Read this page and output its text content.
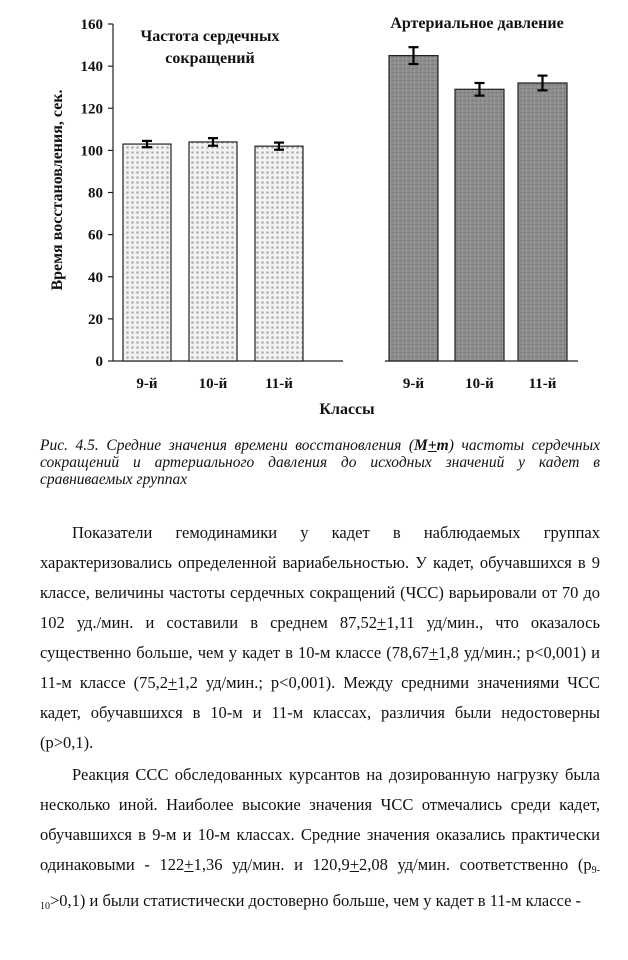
0
20
40
60
80
100
120
140
160
Время восстановления, сек.
Классы
Частота сердечных
сокращений
9-й	10-й	11-й
Артериальное давление
9-й	10-й 11-й
Рис. 4.5. Средние значения времени восстановления (M+m) частоты сердечных сокращений и артериального давления до исходных значений у кадет в сравниваемых группах

Показатели гемодинамики у кадет в наблюдаемых группах характеризовались определенной вариабельностью. У кадет, обучавшихся в 9 классе, величины частоты сердечных сокращений (ЧСС) варьировали от 70 до 102 уд./мин. и составили в среднем 87,52+1,11 уд/мин., что оказалось существенно больше, чем у кадет в 10-м классе (78,67+1,8 уд/мин.; p<0,001) и 11-м классе (75,2+1,2 уд/мин.; p<0,001). Между средними значениями ЧСС кадет, обучавшихся в 10-м и 11-м классах, различия были недостоверны (p>0,1).

Реакция ССС обследованных курсантов на дозированную нагрузку была несколько иной. Наиболее высокие значения ЧСС отмечались среди кадет, обучавшихся в 9-м и 10-м классах. Средние значения оказались практически одинаковыми - 122+1,36 уд/мин. и 120,9+2,08 уд/мин. соответственно $(p_{9-10}>0,1)$ и были статистически достоверно больше, чем у кадет в 11-м классе -
